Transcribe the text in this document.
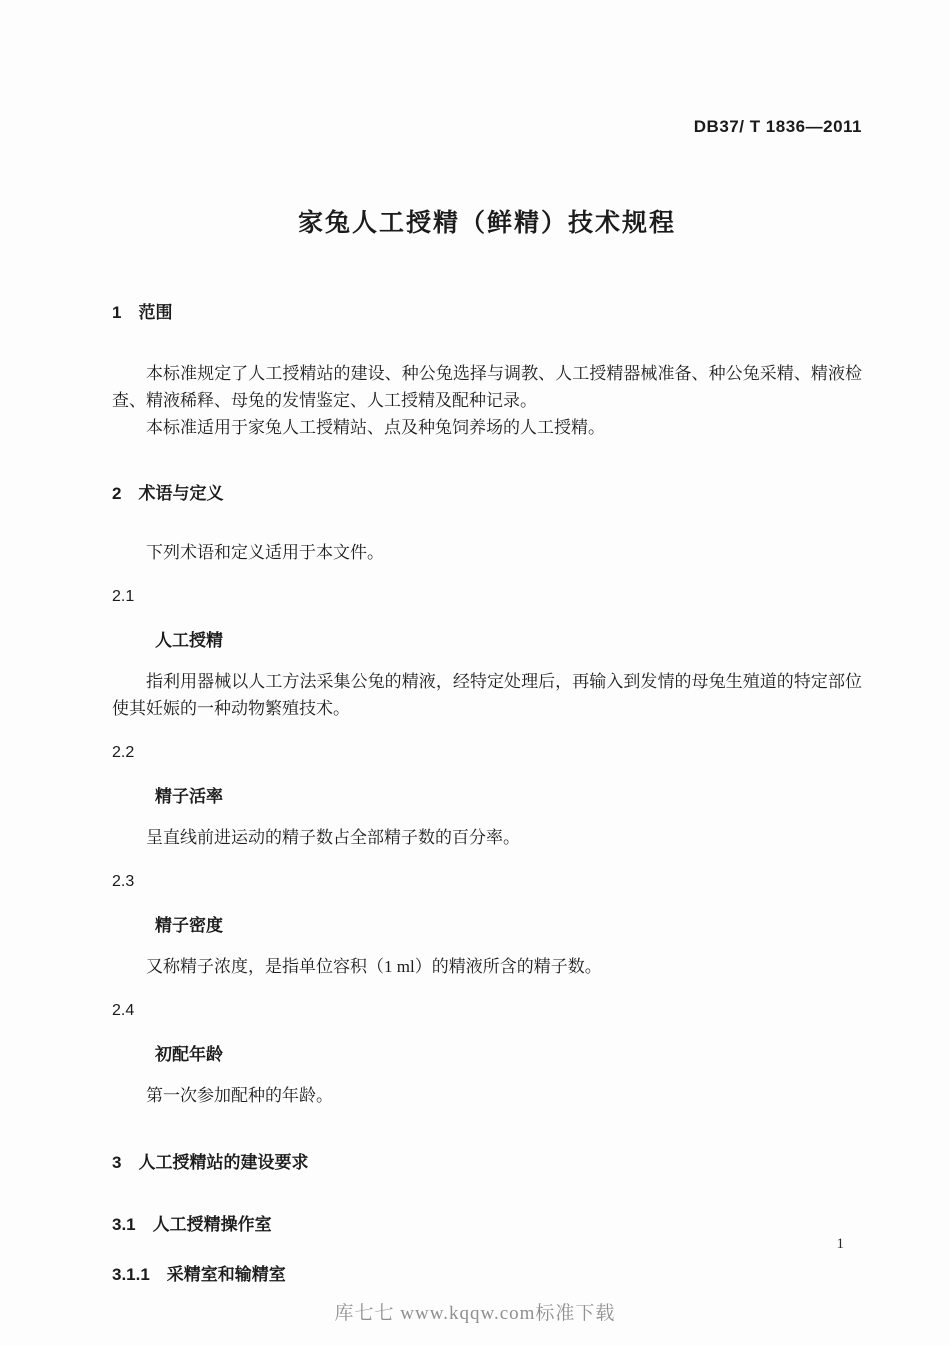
DB37/ T 1836—2011
家兔人工授精（鲜精）技术规程
1　范围

本标准规定了人工授精站的建设、种公兔选择与调教、人工授精器械准备、种公兔采精、精液检查、精液稀释、母兔的发情鉴定、人工授精及配种记录。

本标准适用于家兔人工授精站、点及种兔饲养场的人工授精。

2　术语与定义

下列术语和定义适用于本文件。

2.1
人工授精

指利用器械以人工方法采集公兔的精液，经特定处理后，再输入到发情的母兔生殖道的特定部位使其妊娠的一种动物繁殖技术。

2.2
精子活率

呈直线前进运动的精子数占全部精子数的百分率。

2.3
精子密度

又称精子浓度，是指单位容积（1 ml）的精液所含的精子数。

2.4
初配年龄

第一次参加配种的年龄。

3　人工授精站的建设要求
3.1　人工授精操作室
3.1.1　采精室和输精室
1
库七七 www.kqqw.com标准下载
